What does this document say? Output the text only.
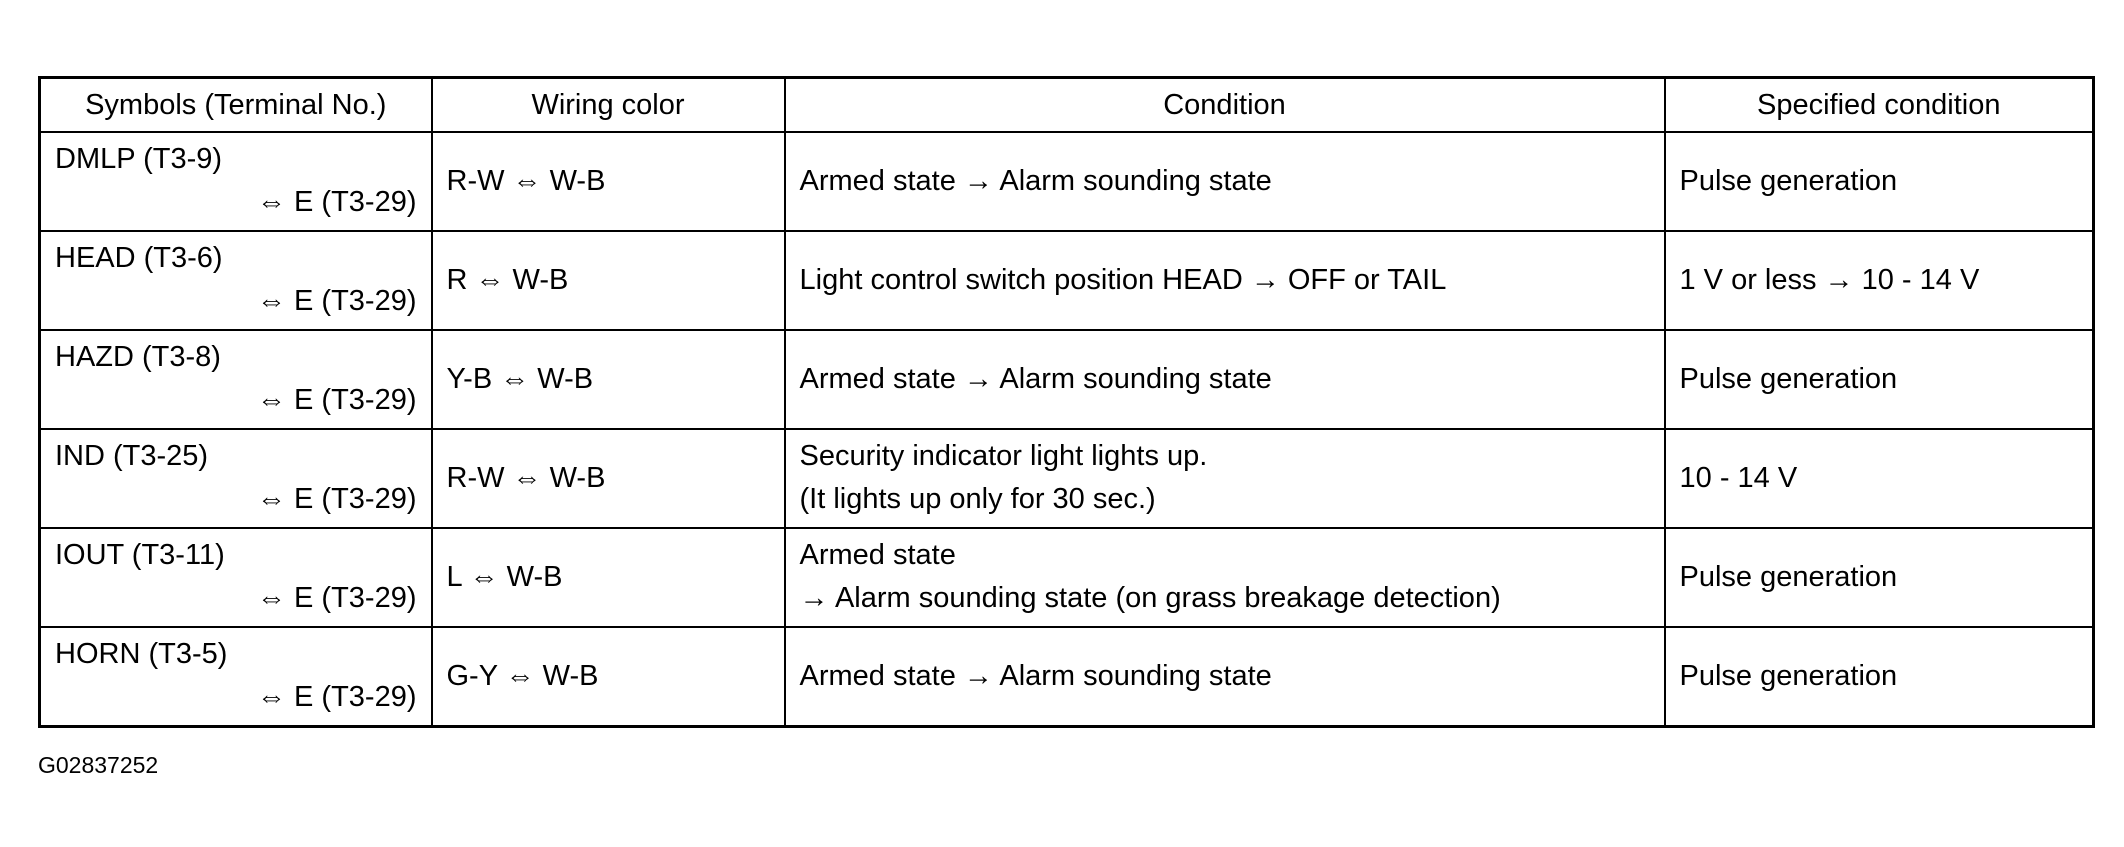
Symbols (Terminal No.)	Wiring color	Condition	Specified condition

DMLP (T3-9)
⇔ E (T3-29)	R-W ⇔ W-B	Armed state → Alarm sounding state	Pulse generation

HEAD (T3-6)
⇔ E (T3-29)	R ⇔ W-B	Light control switch position HEAD → OFF or TAIL	1 V or less → 10 - 14 V

HAZD (T3-8)
⇔ E (T3-29)	Y-B ⇔ W-B	Armed state → Alarm sounding state	Pulse generation

IND (T3-25)
⇔ E (T3-29)	R-W ⇔ W-B	Security indicator light lights up.
(It lights up only for 30 sec.)	10 - 14 V

IOUT (T3-11)
⇔ E (T3-29)	L ⇔ W-B	Armed state
→ Alarm sounding state (on grass breakage detection)	Pulse generation

HORN (T3-5)
⇔ E (T3-29)	G-Y ⇔ W-B	Armed state → Alarm sounding state	Pulse generation
G02837252
